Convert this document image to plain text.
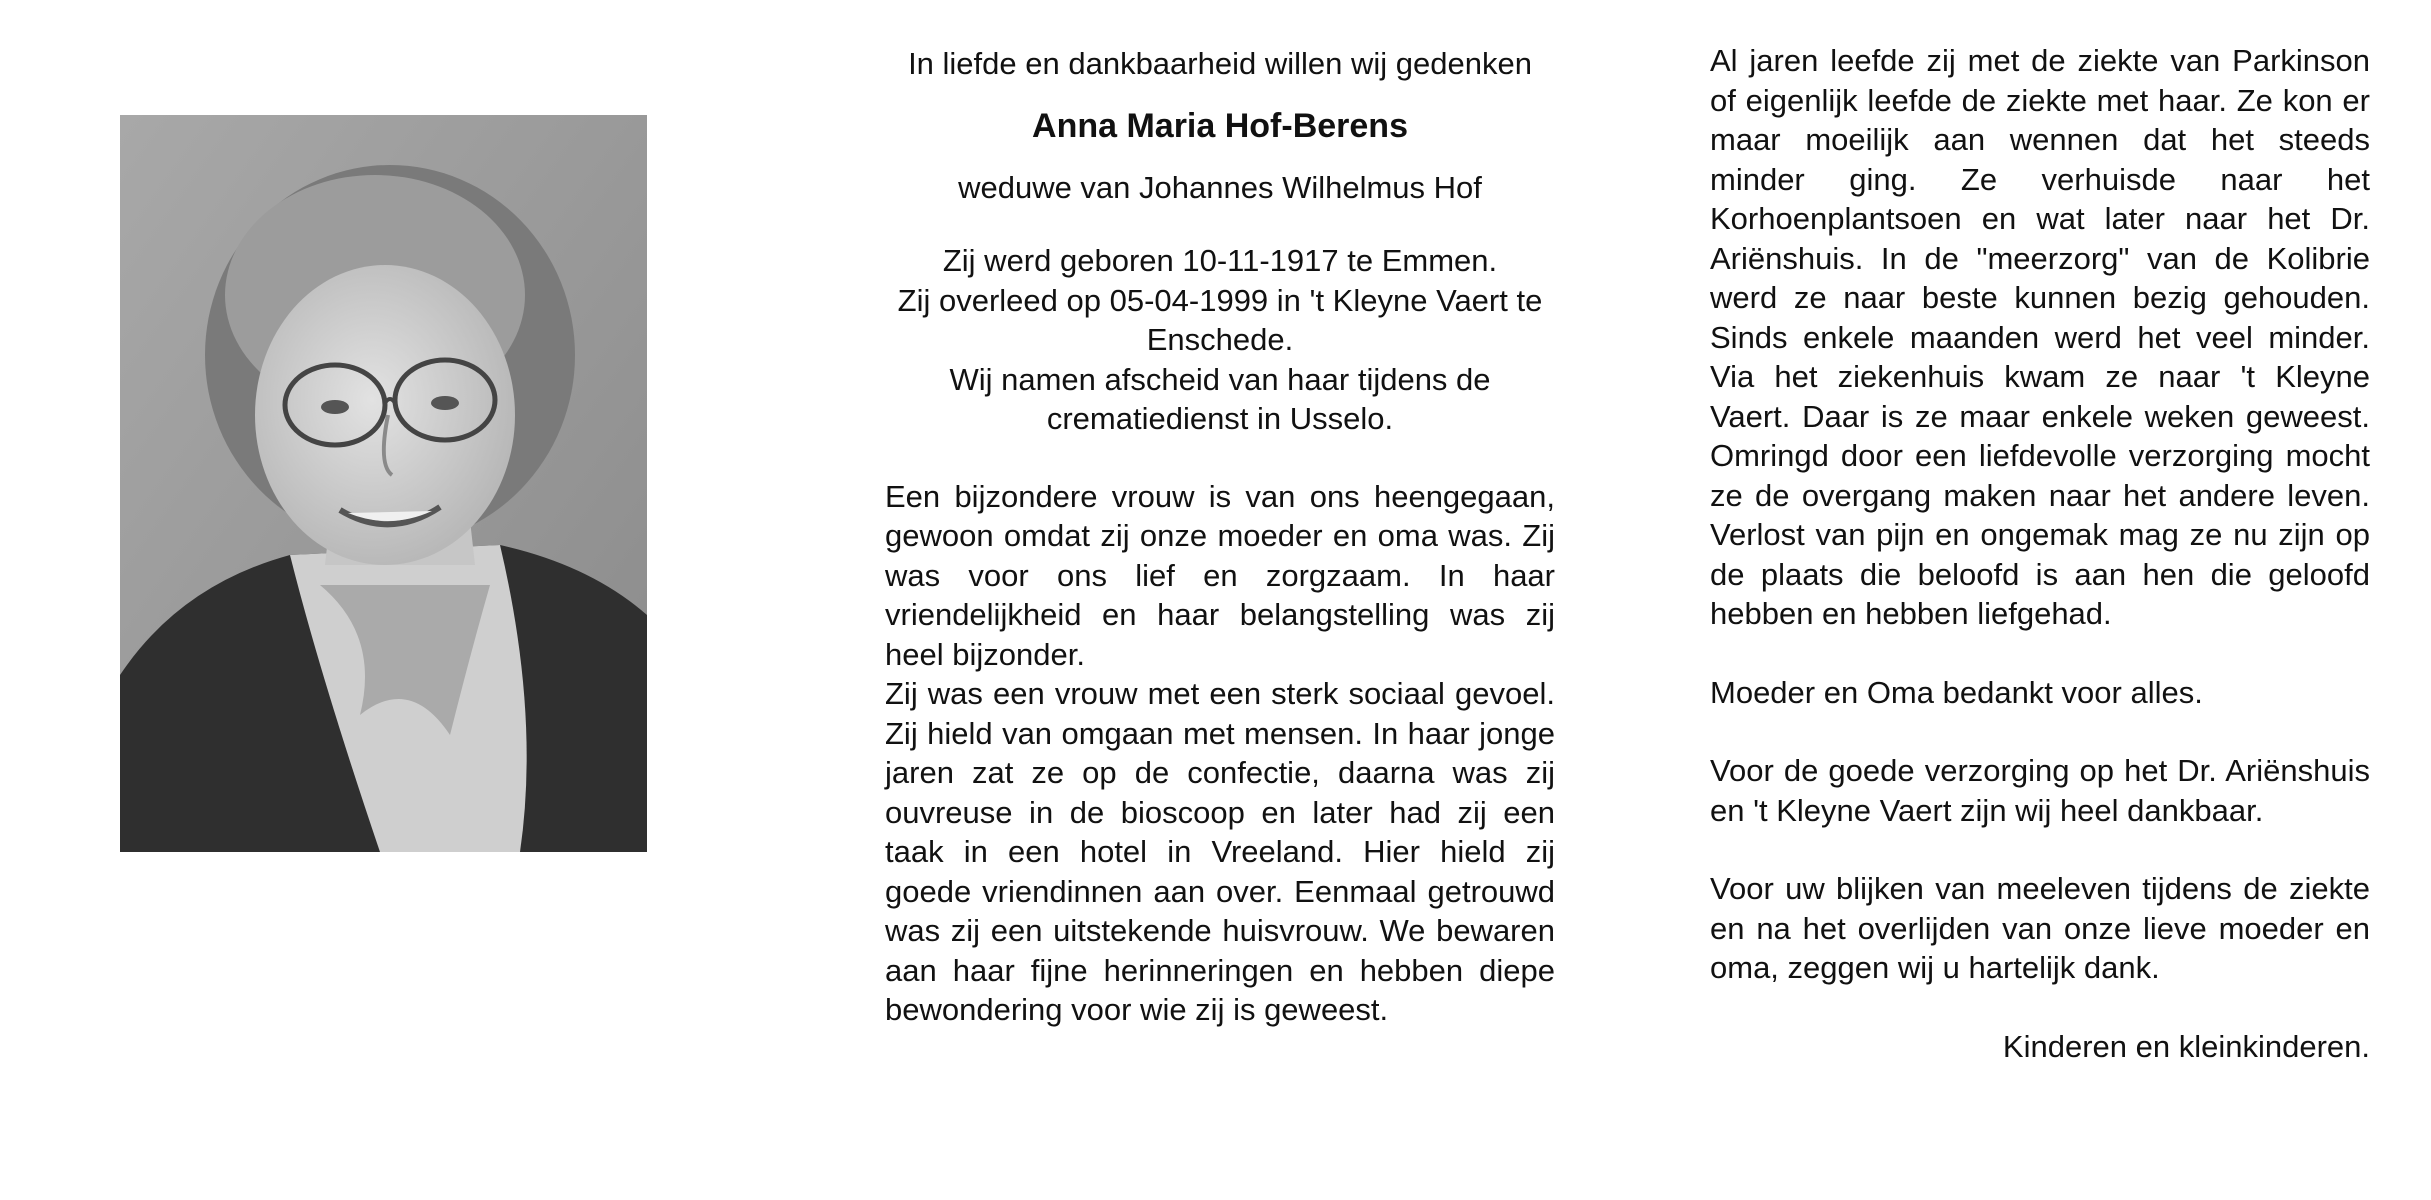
In liefde en dankbaarheid willen wij gedenken

Anna Maria Hof-Berens

weduwe van Johannes Wilhelmus Hof

Zij werd geboren 10-11-1917 te Emmen.

Zij overleed op 05-04-1999 in 't Kleyne Vaert te Enschede.

Wij namen afscheid van haar tijdens de crematiedienst in Usselo.

Een bijzondere vrouw is van ons heengegaan, gewoon omdat zij onze moeder en oma was. Zij was voor ons lief en zorgzaam. In haar vriendelijkheid en haar belangstelling was zij heel bijzonder.

Zij was een vrouw met een sterk sociaal gevoel. Zij hield van omgaan met mensen. In haar jonge jaren zat ze op de confectie, daarna was zij ouvreuse in de bioscoop en later had zij een taak in een hotel in Vreeland. Hier hield zij goede vriendinnen aan over. Eenmaal getrouwd was zij een uitstekende huisvrouw. We bewaren aan haar fijne herinneringen en hebben diepe bewondering voor wie zij is geweest.

Al jaren leefde zij met de ziekte van Parkinson of eigenlijk leefde de ziekte met haar. Ze kon er maar moeilijk aan wennen dat het steeds minder ging. Ze verhuisde naar het Korhoenplantsoen en wat later naar het Dr. Ariënshuis. In de "meerzorg" van de Kolibrie werd ze naar beste kunnen bezig gehouden. Sinds enkele maanden werd het veel minder. Via het ziekenhuis kwam ze naar 't Kleyne Vaert. Daar is ze maar enkele weken geweest. Omringd door een liefdevolle verzorging mocht ze de overgang maken naar het andere leven. Verlost van pijn en ongemak mag ze nu zijn op de plaats die beloofd is aan hen die geloofd hebben en hebben liefgehad.

Moeder en Oma bedankt voor alles.

Voor de goede verzorging op het Dr. Ariënshuis en 't Kleyne Vaert zijn wij heel dankbaar.

Voor uw blijken van meeleven tijdens de ziekte en na het overlijden van onze lieve moeder en oma, zeggen wij u hartelijk dank.

Kinderen en kleinkinderen.
